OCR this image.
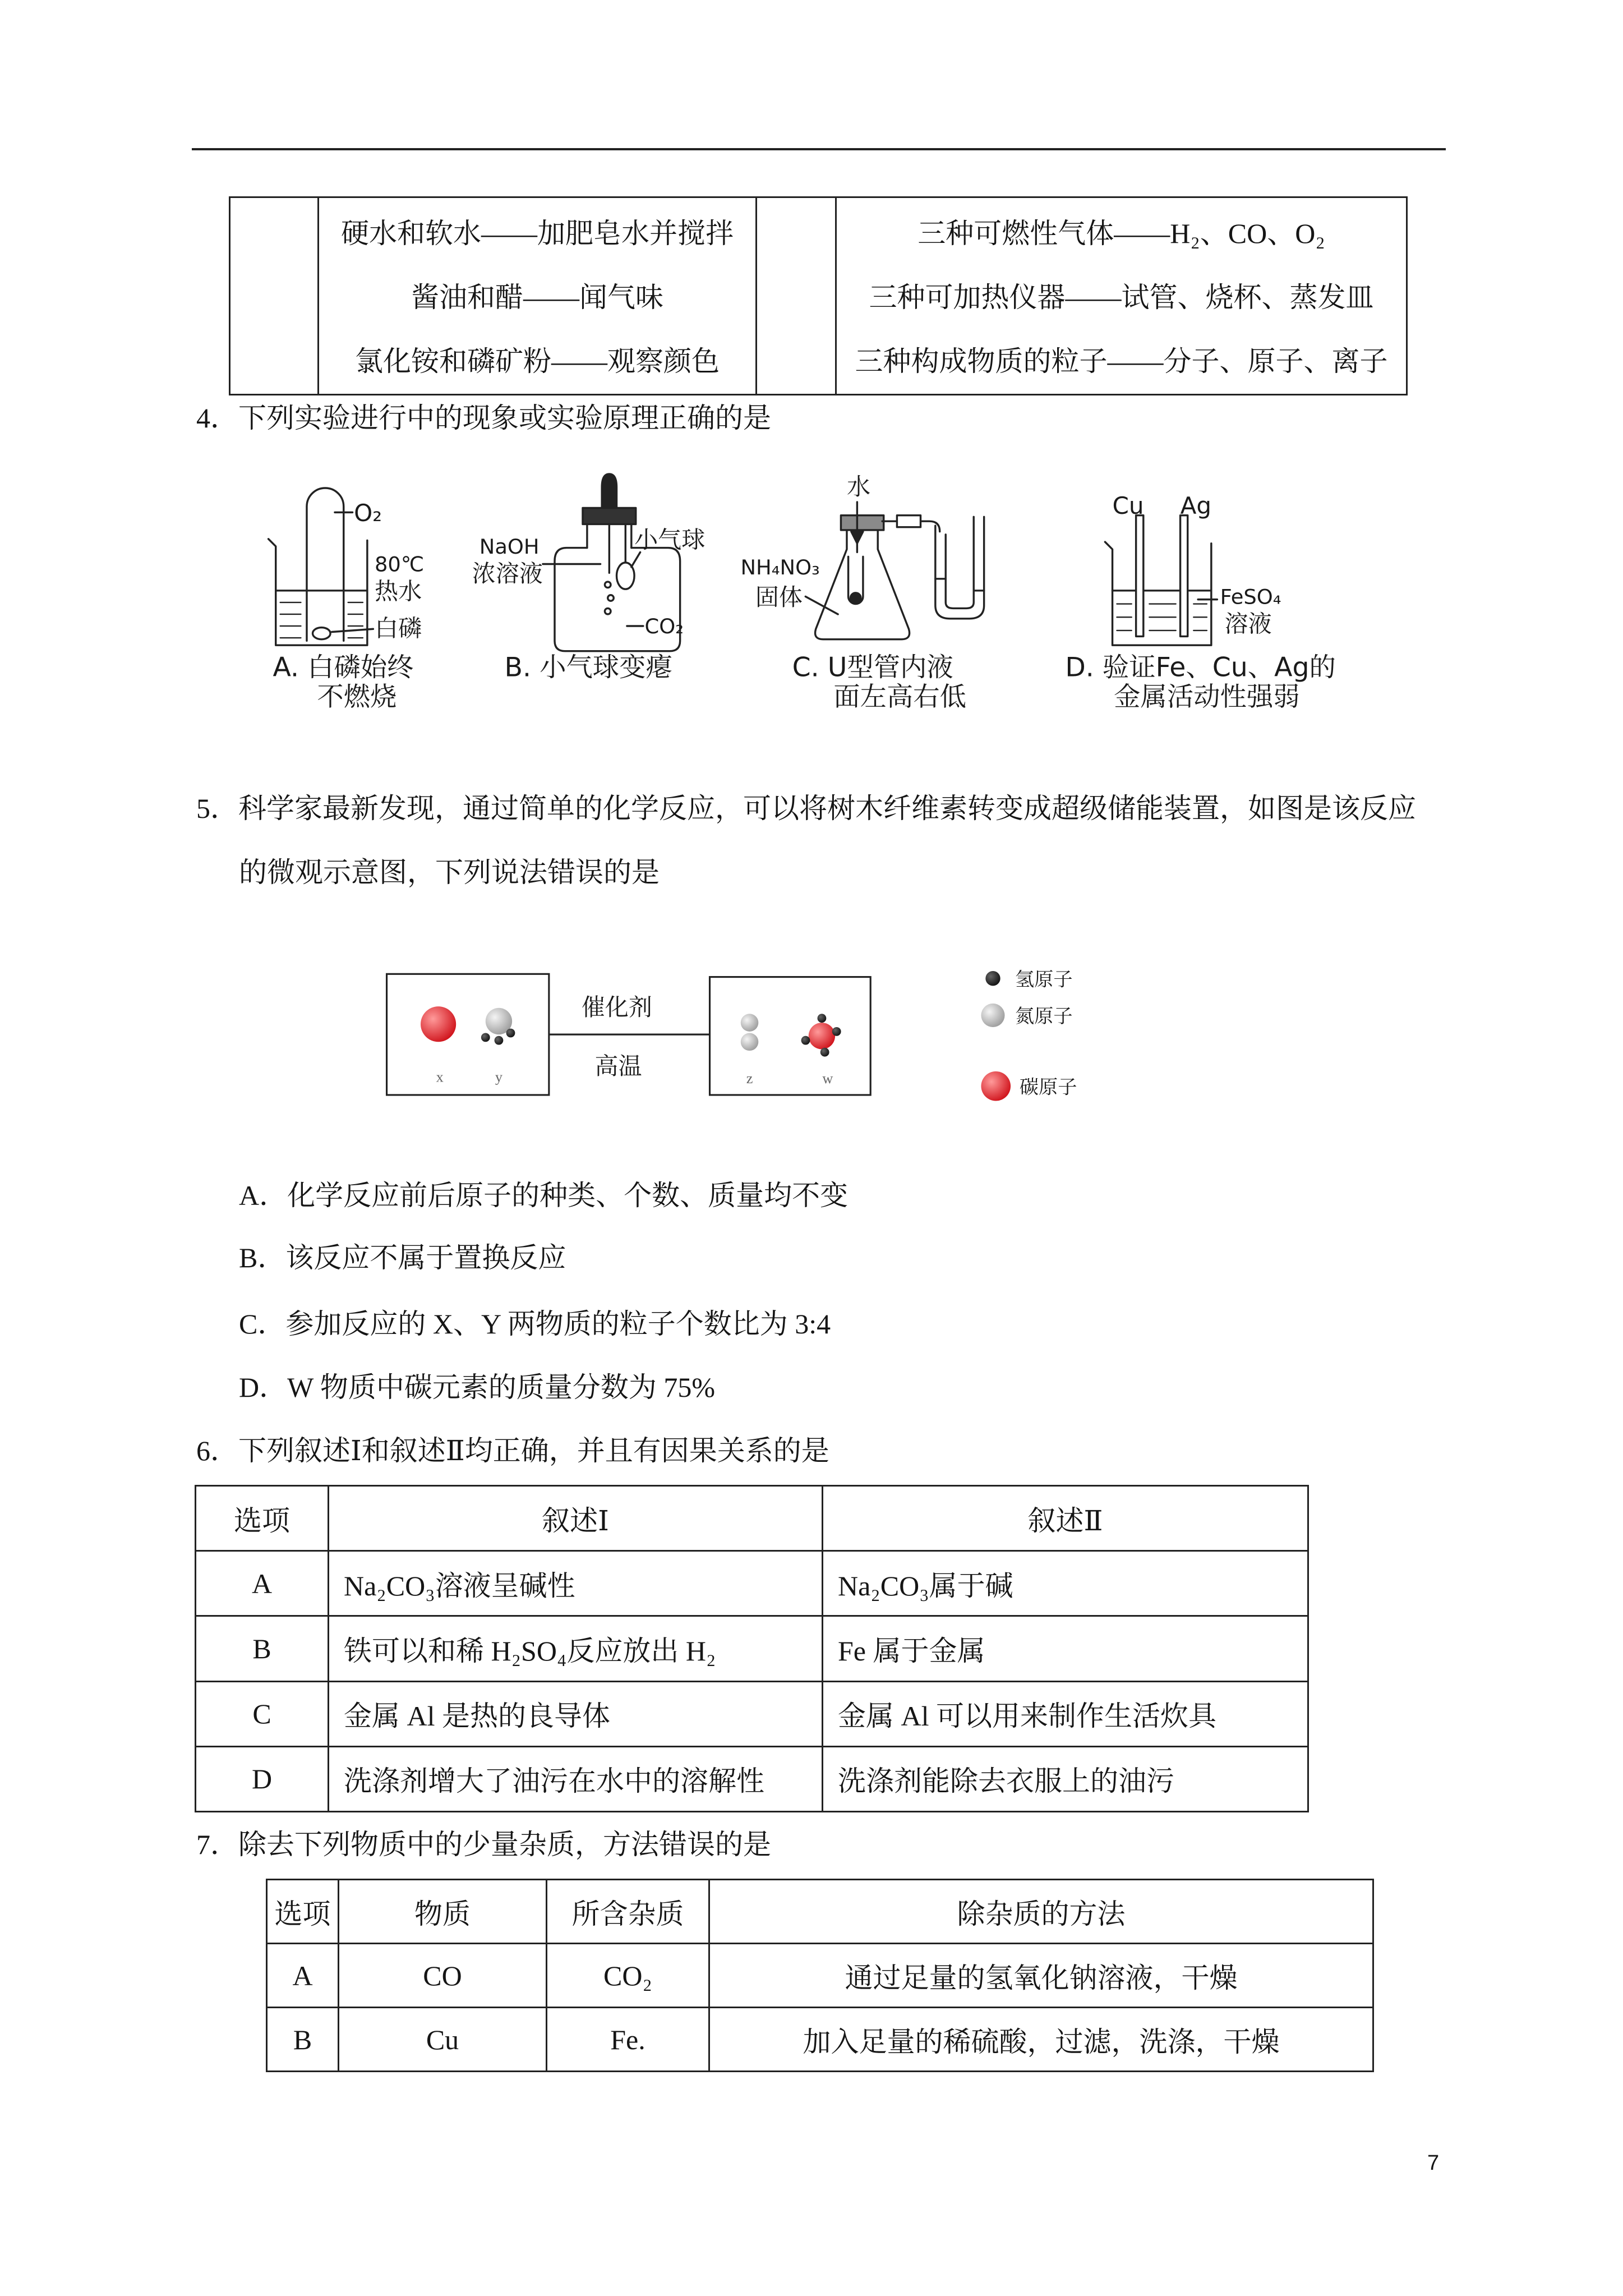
硬水和软水——加肥皂水并搅拌
酱油和醋——闻气味
氯化铵和磷矿粉——观察颜色

三种可燃性气体——H₂、CO、O₂
三种可加热仪器——试管、烧杯、蒸发皿
三种构成物质的粒子——分子、原子、离子
4．下列实验进行中的现象或实验原理正确的是
O₂
80℃
热水
白磷
A. 白磷始终
不燃烧
NaOH
浓溶液
小气球
CO₂
B. 小气球变瘪
水
NH₄NO₃
固体
C. U型管内液
面左高右低
Cu	Ag
FeSO₄
溶液
D. 验证Fe、Cu、Ag的
金属活动性强弱
5．科学家最新发现，通过简单的化学反应，可以将树木纤维素转变成超级储能装置，如图是该反应
的微观示意图，下列说法错误的是
x	y
催化剂
高温	z	w
氢原子
氮原子
碳原子
A．化学反应前后原子的种类、个数、质量均不变
B．该反应不属于置换反应
C．参加反应的 X、Y 两物质的粒子个数比为 3:4
D．W 物质中碳元素的质量分数为 75%
6．下列叙述Ⅰ和叙述Ⅱ均正确，并且有因果关系的是
选项	叙述Ⅰ	叙述Ⅱ
A	Na₂CO₃溶液呈碱性	Na₂CO₃属于碱
B	铁可以和稀 H₂SO₄反应放出 H₂	Fe 属于金属
C	金属 Al 是热的良导体	金属 Al 可以用来制作生活炊具
D	洗涤剂增大了油污在水中的溶解性	洗涤剂能除去衣服上的油污
7．除去下列物质中的少量杂质，方法错误的是
选项	物质	所含杂质	除杂质的方法
A	CO	CO₂	通过足量的氢氧化钠溶液，干燥
B	Cu	Fe.	加入足量的稀硫酸，过滤，洗涤，干燥
7
